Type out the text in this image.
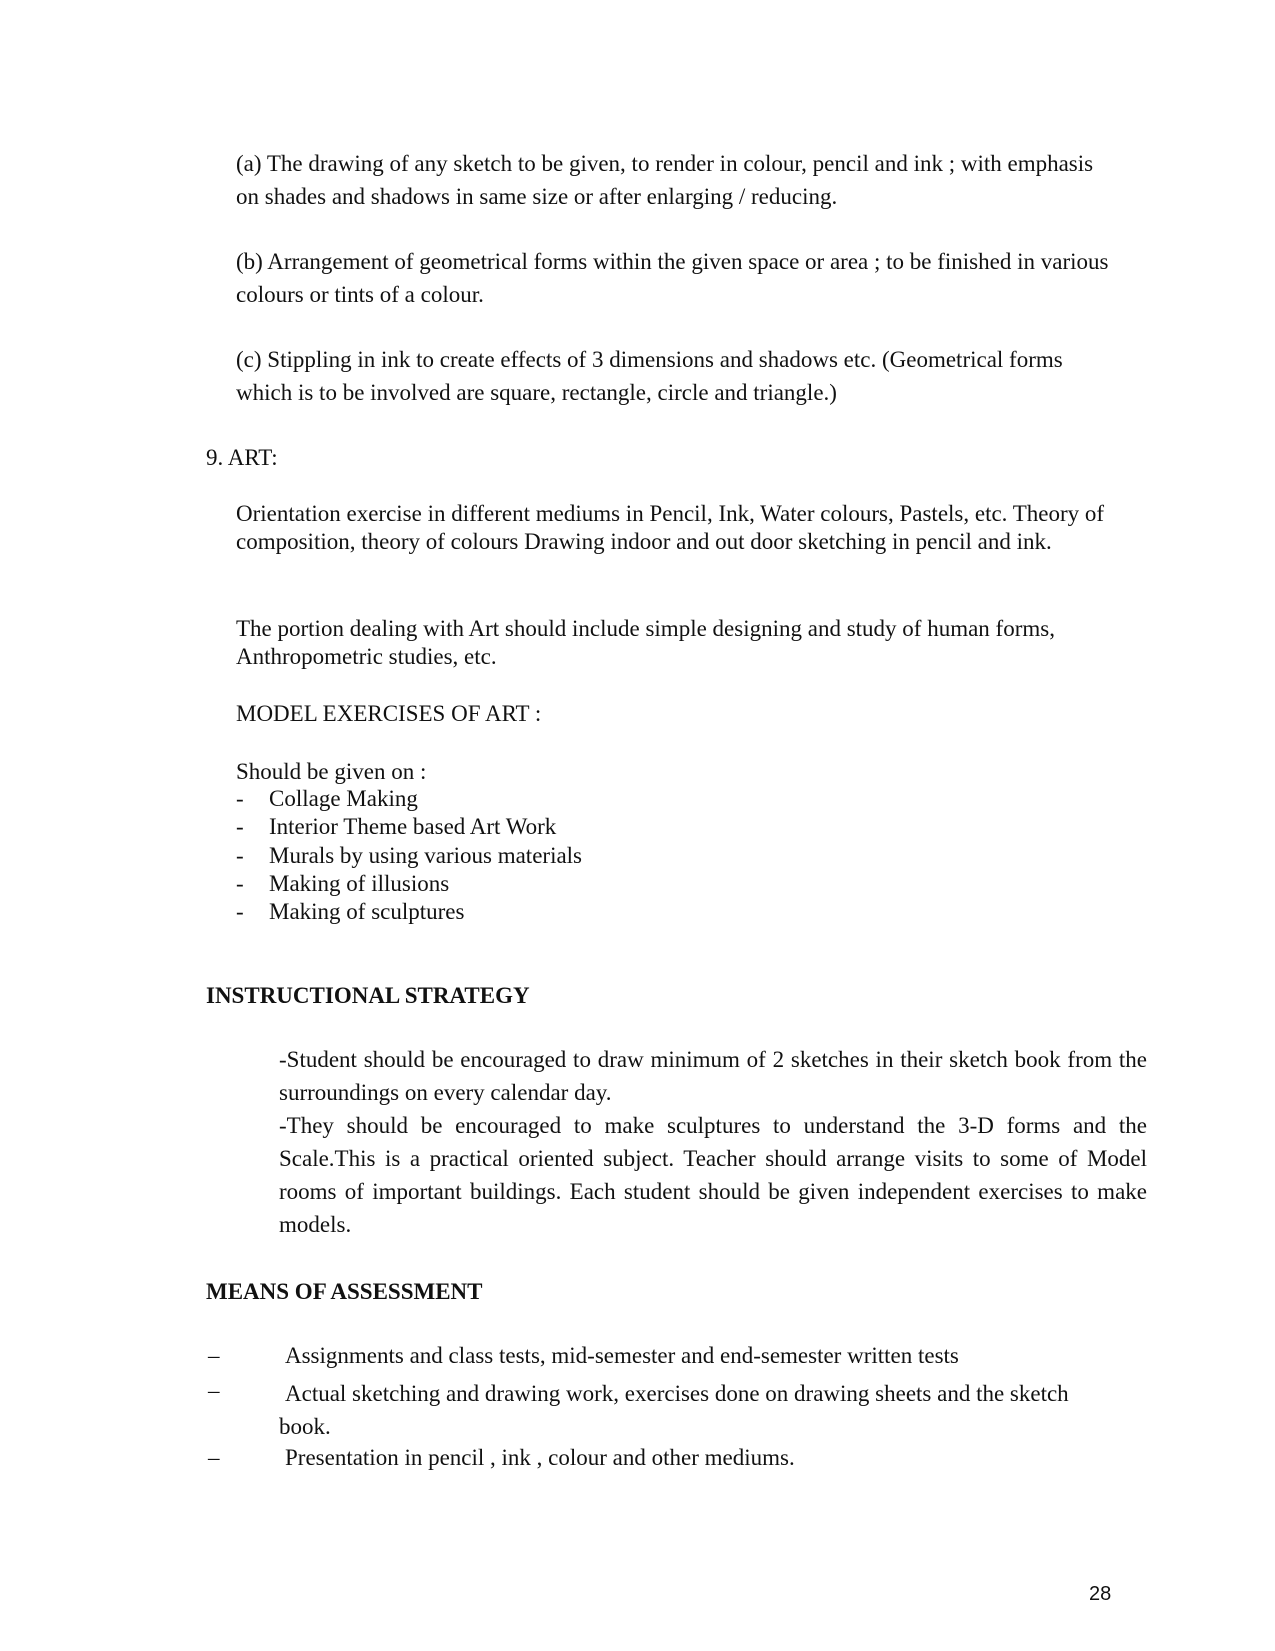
(a) The drawing of any sketch to be given, to render in colour, pencil and ink ; with emphasis on shades and shadows in same size or after enlarging / reducing.

(b) Arrangement of geometrical forms within the given space or area ; to be finished in various colours or tints of a colour.

(c) Stippling in ink to create effects of 3 dimensions and shadows etc. (Geometrical forms which is to be involved are square, rectangle, circle and triangle.)

9. ART:

Orientation exercise in different mediums in Pencil, Ink, Water colours, Pastels, etc. Theory of composition, theory of colours Drawing indoor and out door sketching in pencil and ink.

The portion dealing with Art should include simple designing and study of human forms, Anthropometric studies, etc.

MODEL EXERCISES OF ART :
Should be given on :
- Collage Making
- Interior Theme based Art Work
- Murals by using various materials
- Making of illusions
- Making of sculptures
INSTRUCTIONAL STRATEGY

-Student should be encouraged to draw minimum of 2 sketches in their sketch book from the surroundings on every calendar day.

-They should be encouraged to make sculptures to understand the 3-D forms and the Scale.This is a practical oriented subject. Teacher should arrange visits to some of Model rooms of important buildings. Each student should be given independent exercises to make models.

MEANS OF ASSESSMENT
–	Assignments and class tests, mid-semester and end-semester written tests
–	Actual sketching and drawing work, exercises done on drawing sheets and the sketch book.
–	Presentation in pencil , ink , colour and other mediums.
28
